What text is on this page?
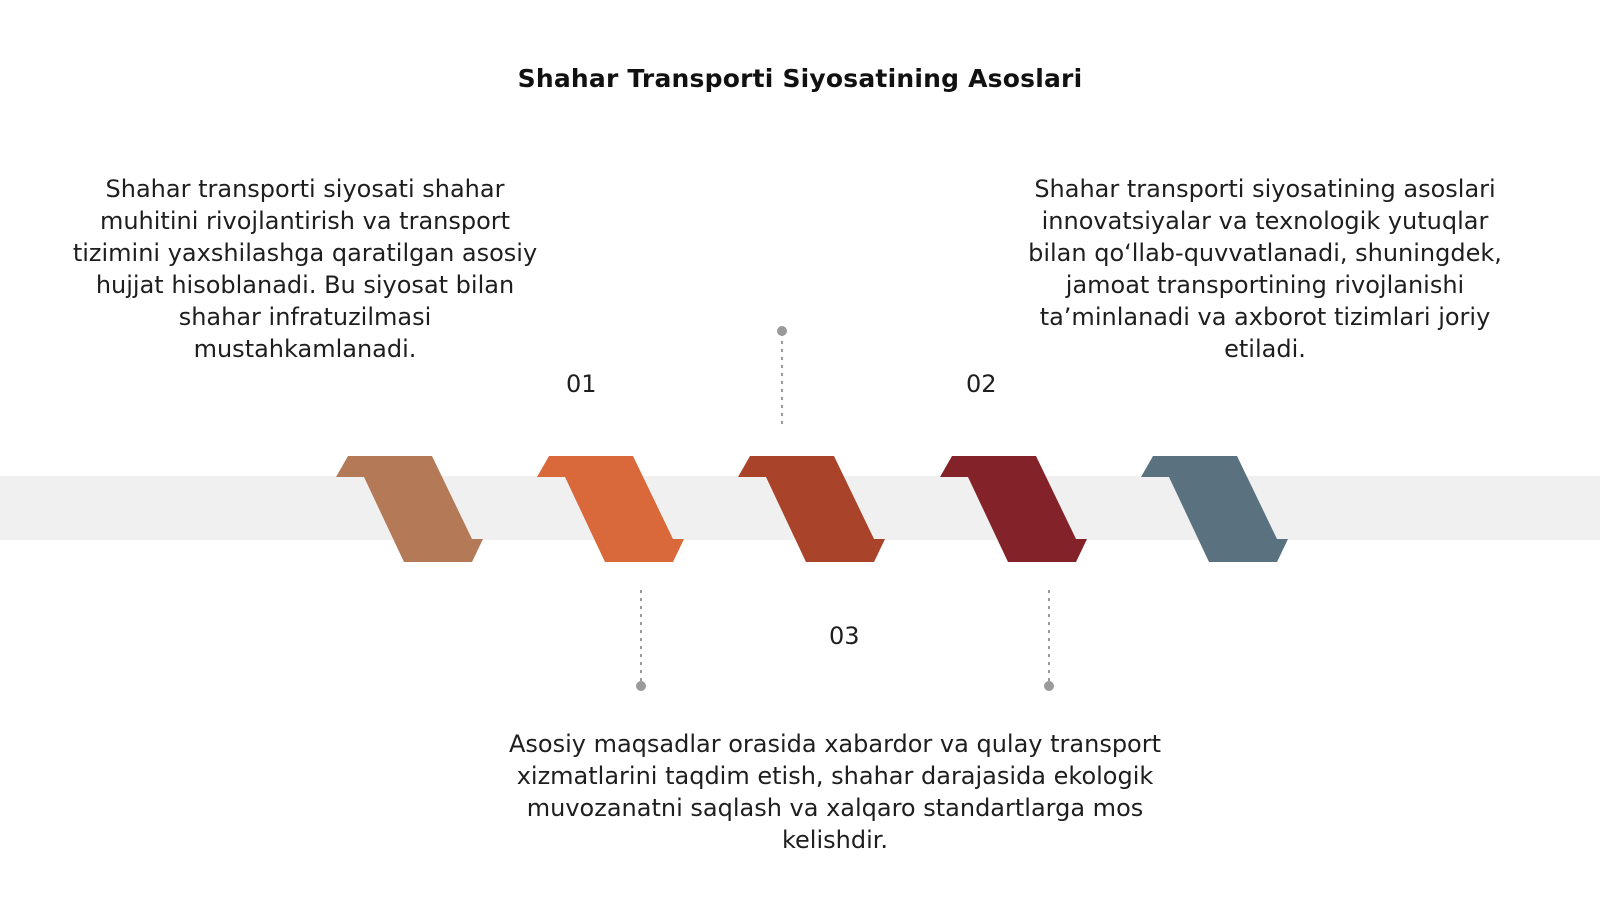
Shahar Transporti Siyosatining Asoslari
Shahar transporti siyosati shahar muhitini rivojlantirish va transport tizimini yaxshilashga qaratilgan asosiy hujjat hisoblanadi. Bu siyosat bilan shahar infratuzilmasi mustahkamlanadi.
Shahar transporti siyosatining asoslari innovatsiyalar va texnologik yutuqlar bilan qo‘llab-quvvatlanadi, shuningdek, jamoat transportining rivojlanishi ta’minlanadi va axborot tizimlari joriy etiladi.
Asosiy maqsadlar orasida xabardor va qulay transport xizmatlarini taqdim etish, shahar darajasida ekologik muvozanatni saqlash va xalqaro standartlarga mos kelishdir.
01	02
03
